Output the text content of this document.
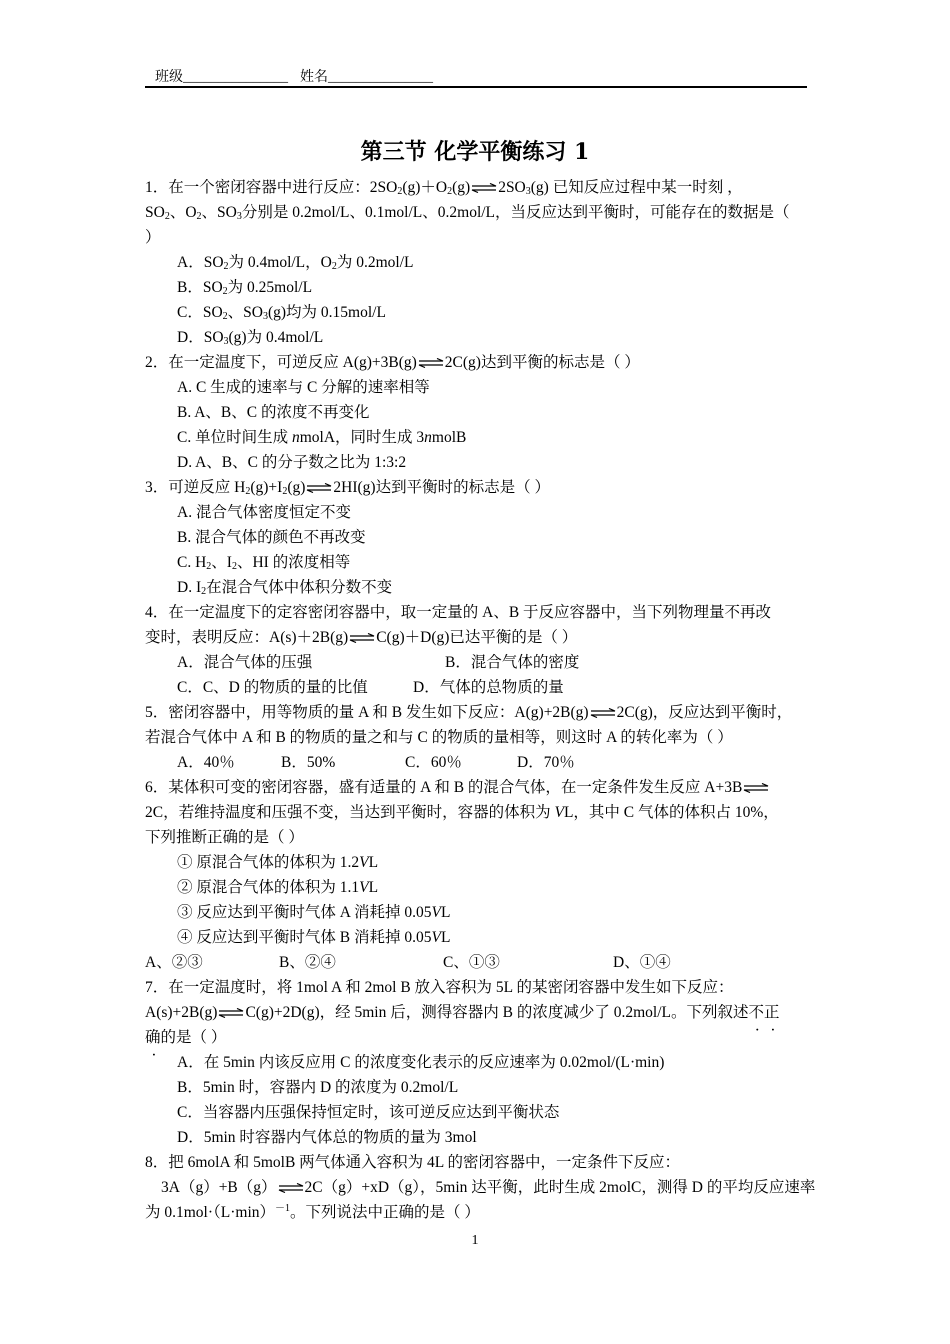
班级_______________ 姓名_______________
第三节 化学平衡练习 1
1．在一个密闭容器中进行反应：$2SO_2(g)+O_2(g)\rightleftharpoons 2SO_3(g)$ 已知反应过程中某一时刻 ，
$SO_2$、$O_2$、$SO_3$分别是 0.2mol/L、0.1mol/L、0.2mol/L，当反应达到平衡时，可能存在的数据是（
）
A．$SO_2$为 0.4mol/L，$O_2$为 0.2mol/L
B．$SO_2$为 0.25mol/L
C．$SO_2$、$SO_3(g)$均为 0.15mol/L
D．$SO_3(g)$为 0.4mol/L
2．在一定温度下，可逆反应 A(g)+3B(g)⇌2C(g)达到平衡的标志是（ ）
A. C 生成的速率与 C 分解的速率相等
B. A、B、C 的浓度不再变化
C. 单位时间生成 nmolA，同时生成 3nmolB
D. A、B、C 的分子数之比为 1:3:2
3．可逆反应 $H_2(g)+I_2(g)\rightleftharpoons 2HI(g)$达到平衡时的标志是（ ）
A. 混合气体密度恒定不变
B. 混合气体的颜色不再改变
C. $H_2$、$I_2$、HI 的浓度相等
D. $I_2$在混合气体中体积分数不变
4．在一定温度下的定容密闭容器中，取一定量的 A、B 于反应容器中，当下列物理量不再改
变时，表明反应：A(s)＋2B(g)⇌C(g)＋D(g)已达平衡的是（ ）
A．混合气体的压强	B．混合气体的密度
C．C、D 的物质的量的比值	D．气体的总物质的量
5．密闭容器中，用等物质的量 A 和 B 发生如下反应：A(g)+2B(g)⇌2C(g)，反应达到平衡时，
若混合气体中 A 和 B 的物质的量之和与 C 的物质的量相等，则这时 A 的转化率为（ ）
A．40％	B．50%	C．60％	D．70％
6．某体积可变的密闭容器，盛有适量的 A 和 B 的混合气体，在一定条件发生反应 A+3B⇌
2C，若维持温度和压强不变，当达到平衡时，容器的体积为 VL，其中 C 气体的体积占 10%，
下列推断正确的是（ ）
① 原混合气体的体积为 1.2VL
② 原混合气体的体积为 1.1VL
③ 反应达到平衡时气体 A 消耗掉 0.05VL
④ 反应达到平衡时气体 B 消耗掉 0.05VL
A、②③	B、②④	C、①③	D、①④
7．在一定温度时，将 1mol A 和 2mol B 放入容积为 5L 的某密闭容器中发生如下反应：
A(s)+2B(g)⇌C(g)+2D(g)，经 5min 后，测得容器内 B 的浓度减少了 0.2mol/L。下列叙述不正
确的是（ ）
A．在 5min 内该反应用 C 的浓度变化表示的反应速率为 0.02mol/(L·min)
B．5min 时，容器内 D 的浓度为 0.2mol/L
C．当容器内压强保持恒定时，该可逆反应达到平衡状态
D．5min 时容器内气体总的物质的量为 3mol
8．把 6molA 和 5molB 两气体通入容积为 4L 的密闭容器中，一定条件下反应：
3A（g）+B（g）⇌2C（g）+xD（g），5min 达平衡，此时生成 2molC，测得 D 的平均反应速率
为 $0.1mol\cdot(L\cdot\min)^{-1}$。下列说法中正确的是（ ）
1
